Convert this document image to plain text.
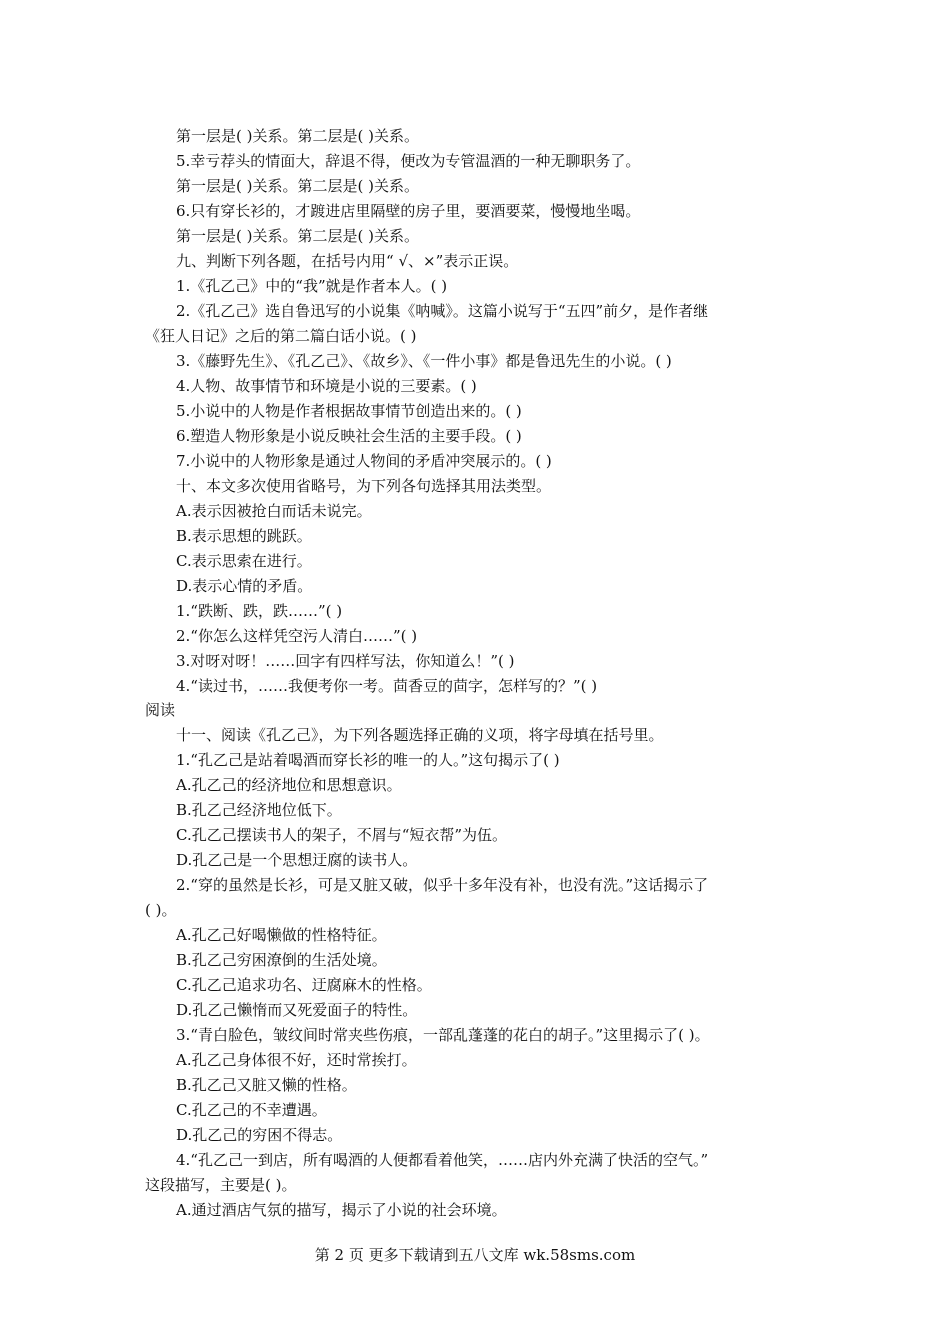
第一层是( )关系。第二层是( )关系。
5.幸亏荐头的情面大，辞退不得，便改为专管温酒的一种无聊职务了。
第一层是( )关系。第二层是( )关系。
6.只有穿长衫的，才踱进店里隔壁的房子里，要酒要菜，慢慢地坐喝。
第一层是( )关系。第二层是( )关系。
九、判断下列各题，在括号内用“ √、×”表示正误。
1.《孔乙己》中的“我”就是作者本人。( )
2.《孔乙己》选自鲁迅写的小说集《呐喊》。这篇小说写于“五四”前夕，是作者继
《狂人日记》之后的第二篇白话小说。( )
3.《藤野先生》、《孔乙己》、《故乡》、《一件小事》都是鲁迅先生的小说。( )
4.人物、故事情节和环境是小说的三要素。( )
5.小说中的人物是作者根据故事情节创造出来的。( )
6.塑造人物形象是小说反映社会生活的主要手段。( )
7.小说中的人物形象是通过人物间的矛盾冲突展示的。( )
十、本文多次使用省略号，为下列各句选择其用法类型。
A.表示因被抢白而话未说完。
B.表示思想的跳跃。
C.表示思索在进行。
D.表示心情的矛盾。
1.“跌断、跌，跌……”( )
2.“你怎么这样凭空污人清白……”( )
3.对呀对呀！……回字有四样写法，你知道么！”( )
4.“读过书，……我便考你一考。茴香豆的茴字，怎样写的？”( )
阅读
十一、阅读《孔乙己》，为下列各题选择正确的义项，将字母填在括号里。
1.“孔乙己是站着喝酒而穿长衫的唯一的人。”这句揭示了( )
A.孔乙己的经济地位和思想意识。
B.孔乙己经济地位低下。
C.孔乙己摆读书人的架子，不屑与“短衣帮”为伍。
D.孔乙己是一个思想迂腐的读书人。
2.“穿的虽然是长衫，可是又脏又破，似乎十多年没有补，也没有洗。”这话揭示了
( )。
A.孔乙己好喝懒做的性格特征。
B.孔乙己穷困潦倒的生活处境。
C.孔乙己追求功名、迂腐麻木的性格。
D.孔乙己懒惰而又死爱面子的特性。
3.“青白脸色，皱纹间时常夹些伤痕，一部乱蓬蓬的花白的胡子。”这里揭示了( )。
A.孔乙己身体很不好，还时常挨打。
B.孔乙己又脏又懒的性格。
C.孔乙己的不幸遭遇。
D.孔乙己的穷困不得志。
4.“孔乙己一到店，所有喝酒的人便都看着他笑，……店内外充满了快活的空气。”
这段描写，主要是( )。
A.通过酒店气氛的描写，揭示了小说的社会环境。
第 2 页 更多下载请到五八文库 wk.58sms.com
